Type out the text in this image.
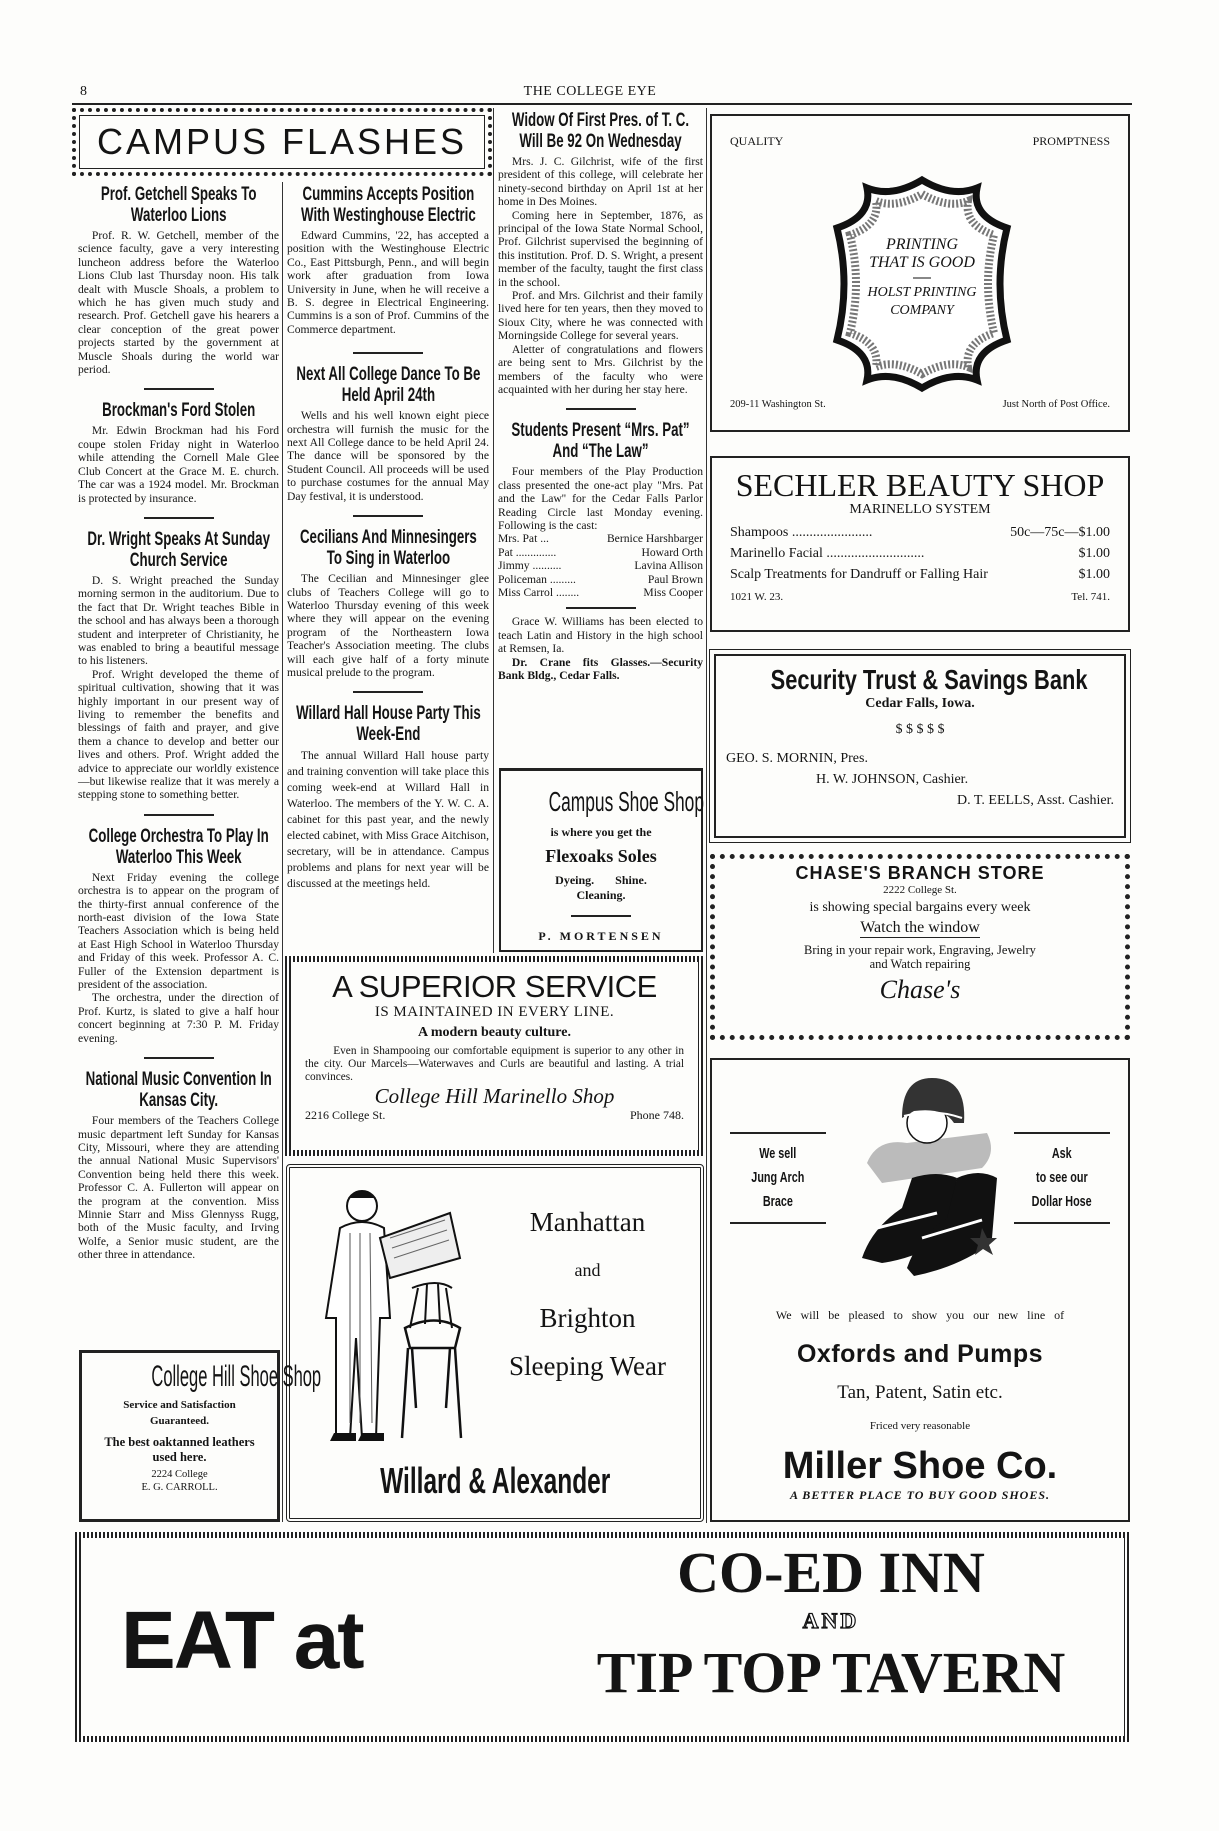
8	THE COLLEGE EYE
CAMPUS FLASHES
Prof. Getchell Speaks To
Waterloo Lions

Prof. R. W. Getchell, member of the science faculty, gave a very interesting luncheon address before the Waterloo Lions Club last Thursday noon. His talk dealt with Muscle Shoals, a problem to which he has given much study and research. Prof. Getchell gave his hearers a clear conception of the great power projects started by the government at Muscle Shoals during the world war period.

Brockman's Ford Stolen

Mr. Edwin Brockman had his Ford coupe stolen Friday night in Waterloo while attending the Cornell Male Glee Club Concert at the Grace M. E. church. The car was a 1924 model. Mr. Brockman is protected by insurance.

Dr. Wright Speaks At Sunday
Church Service

D. S. Wright preached the Sunday morning sermon in the auditorium. Due to the fact that Dr. Wright teaches Bible in the school and has always been a thorough student and interpreter of Christianity, he was enabled to bring a beautiful message to his listeners.

Prof. Wright developed the theme of spiritual cultivation, showing that it was highly important in our present way of living to remember the benefits and blessings of faith and prayer, and give them a chance to develop and better our lives and others. Prof. Wright added the advice to appreciate our worldly existence—but likewise realize that it was merely a stepping stone to something better.

College Orchestra To Play In
Waterloo This Week

Next Friday evening the college orchestra is to appear on the program of the thirty-first annual conference of the north-east division of the Iowa State Teachers Association which is being held at East High School in Waterloo Thursday and Friday of this week. Professor A. C. Fuller of the Extension department is president of the association.

The orchestra, under the direction of Prof. Kurtz, is slated to give a half hour concert beginning at 7:30 P. M. Friday evening.

National Music Convention In
Kansas City.

Four members of the Teachers College music department left Sunday for Kansas City, Missouri, where they are attending the annual National Music Supervisors' Convention being held there this week. Professor C. A. Fullerton will appear on the program at the convention. Miss Minnie Starr and Miss Glennyss Rugg, both of the Music faculty, and Irving Wolfe, a Senior music student, are the other three in attendance.

Cummins Accepts Position
With Westinghouse Electric

Edward Cummins, '22, has accepted a position with the Westinghouse Electric Co., East Pittsburgh, Penn., and will begin work after graduation from Iowa University in June, when he will receive a B. S. degree in Electrical Engineering. Cummins is a son of Prof. Cummins of the Commerce department.

Next All College Dance To Be
Held April 24th

Wells and his well known eight piece orchestra will furnish the music for the next All College dance to be held April 24. The dance will be sponsored by the Student Council. All proceeds will be used to purchase costumes for the annual May Day festival, it is understood.

Cecilians And Minnesingers
To Sing in Waterloo

The Cecilian and Minnesinger glee clubs of Teachers College will go to Waterloo Thursday evening of this week where they will appear on the evening program of the Northeastern Iowa Teacher's Association meeting. The clubs will each give half of a forty minute musical prelude to the program.

Willard Hall House Party This
Week-End

The annual Willard Hall house party and training convention will take place this coming week-end at Willard Hall in Waterloo. The members of the Y. W. C. A. cabinet for this past year, and the newly elected cabinet, with Miss Grace Aitchison, secretary, will be in attendance. Campus problems and plans for next year will be discussed at the meetings held.

Widow Of First Pres. of T. C.
Will Be 92 On Wednesday

Mrs. J. C. Gilchrist, wife of the first president of this college, will celebrate her ninety-second birthday on April 1st at her home in Des Moines.

Coming here in September, 1876, as principal of the Iowa State Normal School, Prof. Gilchrist supervised the beginning of this institution. Prof. D. S. Wright, a present member of the faculty, taught the first class in the school.

Prof. and Mrs. Gilchrist and their family lived here for ten years, then they moved to Sioux City, where he was connected with Morningside College for several years.

Aletter of congratulations and flowers are being sent to Mrs. Gilchrist by the members of the faculty who were acquainted with her during her stay here.

Students Present “Mrs. Pat”
And “The Law”

Four members of the Play Production class presented the one-act play ''Mrs. Pat and the Law'' for the Cedar Falls Parlor Reading Circle last Monday evening. Following is the cast:

Mrs. Pat ...	Bernice Harshbarger
Pat ..............	Howard Orth
Jimmy ..........	Lavina Allison
Policeman .........	Paul Brown
Miss Carrol ........	Miss Cooper

Grace W. Williams has been elected to teach Latin and History in the high school at Remsen, Ia.

Dr. Crane fits Glasses.—Security Bank Bldg., Cedar Falls.

Campus Shoe Shop
is where you get the
Flexoaks Soles
Dyeing. Shine.
Cleaning.
P. MORTENSEN
A SUPERIOR SERVICE
IS MAINTAINED IN EVERY LINE.
A modern beauty culture.

Even in Shampooing our comfortable equipment is superior to any other in the city. Our Marcels—Waterwaves and Curls are beautiful and lasting. A trial convinces.

College Hill Marinello Shop
2216 College St.	Phone 748.
Manhattan
and
Brighton
Sleeping Wear
Willard & Alexander
College Hill Shoe Shop
Service and Satisfaction
Guaranteed.
The best oaktanned leathers
used here.
2224 College
E. G. CARROLL.
QUALITY	PROMPTNESS
PRINTING
THAT IS GOOD
HOLST PRINTING
COMPANY
209-11 Washington St.	Just North of Post Office.
SECHLER BEAUTY SHOP
MARINELLO SYSTEM
Shampoos .......................	50c—75c—$1.00
Marinello Facial ............................	$1.00
Scalp Treatments for Dandruff or Falling Hair	$1.00
1021 W. 23.	Tel. 741.
Security Trust & Savings Bank
Cedar Falls, Iowa.
$ $ $ $ $
GEO. S. MORNIN, Pres.
H. W. JOHNSON, Cashier.
D. T. EELLS, Asst. Cashier.
CHASE'S BRANCH STORE
2222 College St.
is showing special bargains every week
Watch the window
Bring in your repair work, Engraving, Jewelry
and Watch repairing
Chase's
We sell
Jung Arch
Brace
Ask
to see our
Dollar Hose
We will be pleased to show you our new line of
Oxfords and Pumps
Tan, Patent, Satin etc.
Friced very reasonable
Miller Shoe Co.
A BETTER PLACE TO BUY GOOD SHOES.
EAT at
CO-ED INN
AND
TIP TOP TAVERN
